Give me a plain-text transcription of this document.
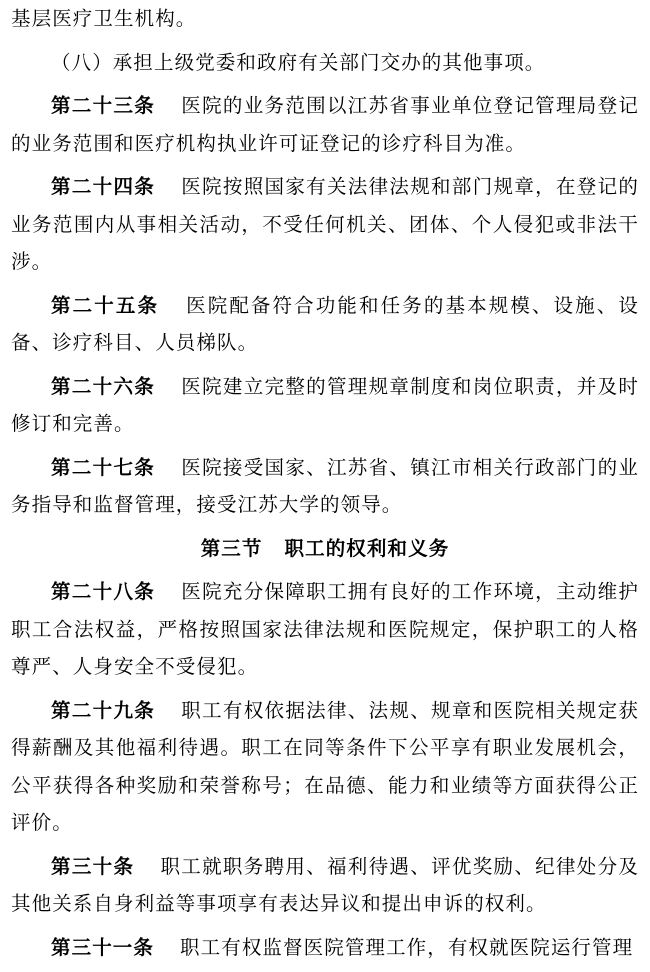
基层医疗卫生机构。

（八）承担上级党委和政府有关部门交办的其他事项。

第二十三条 医院的业务范围以江苏省事业单位登记管理局登记的业务范围和医疗机构执业许可证登记的诊疗科目为准。

第二十四条 医院按照国家有关法律法规和部门规章，在登记的业务范围内从事相关活动，不受任何机关、团体、个人侵犯或非法干涉。

第二十五条 医院配备符合功能和任务的基本规模、设施、设备、诊疗科目、人员梯队。

第二十六条 医院建立完整的管理规章制度和岗位职责，并及时修订和完善。

第二十七条 医院接受国家、江苏省、镇江市相关行政部门的业务指导和监督管理，接受江苏大学的领导。

第三节 职工的权利和义务

第二十八条 医院充分保障职工拥有良好的工作环境，主动维护职工合法权益，严格按照国家法律法规和医院规定，保护职工的人格尊严、人身安全不受侵犯。

第二十九条 职工有权依据法律、法规、规章和医院相关规定获得薪酬及其他福利待遇。职工在同等条件下公平享有职业发展机会，公平获得各种奖励和荣誉称号；在品德、能力和业绩等方面获得公正评价。

第三十条 职工就职务聘用、福利待遇、评优奖励、纪律处分及其他关系自身利益等事项享有表达异议和提出申诉的权利。

第三十一条 职工有权监督医院管理工作，有权就医院运行管理
